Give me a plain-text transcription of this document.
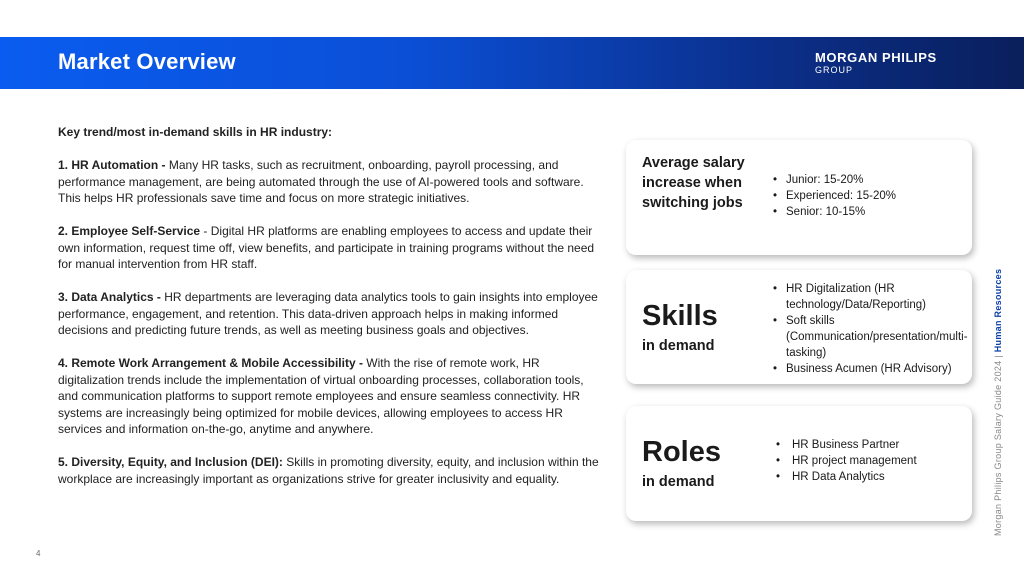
Market Overview	MORGAN PHILIPS
GROUP

Key trend/most in-demand skills in HR industry:

1. HR Automation - Many HR tasks, such as recruitment, onboarding, payroll processing, and performance management, are being automated through the use of AI-powered tools and software. This helps HR professionals save time and focus on more strategic initiatives.

2. Employee Self-Service - Digital HR platforms are enabling employees to access and update their own information, request time off, view benefits, and participate in training programs without the need for manual intervention from HR staff.

3. Data Analytics - HR departments are leveraging data analytics tools to gain insights into employee performance, engagement, and retention. This data-driven approach helps in making informed decisions and predicting future trends, as well as meeting business goals and objectives.

4. Remote Work Arrangement & Mobile Accessibility - With the rise of remote work, HR digitalization trends include the implementation of virtual onboarding processes, collaboration tools, and communication platforms to support remote employees and ensure seamless connectivity. HR systems are increasingly being optimized for mobile devices, allowing employees to access HR services and information on-the-go, anytime and anywhere.

5. Diversity, Equity, and Inclusion (DEI): Skills in promoting diversity, equity, and inclusion within the workplace are increasingly important as organizations strive for greater inclusivity and equality.

Average salary increase when switching jobs
• Junior: 15-20%
• Experienced: 15-20%
• Senior: 10-15%
Skills
in demand
• HR Digitalization (HR technology/Data/Reporting)
• Soft skills (Communication/presentation/multi-tasking)
• Business Acumen (HR Advisory)
Roles
in demand
• HR Business Partner
• HR project management
• HR Data Analytics	Morgan Philips Group Salary Guide 2024 | Human Resources
4
